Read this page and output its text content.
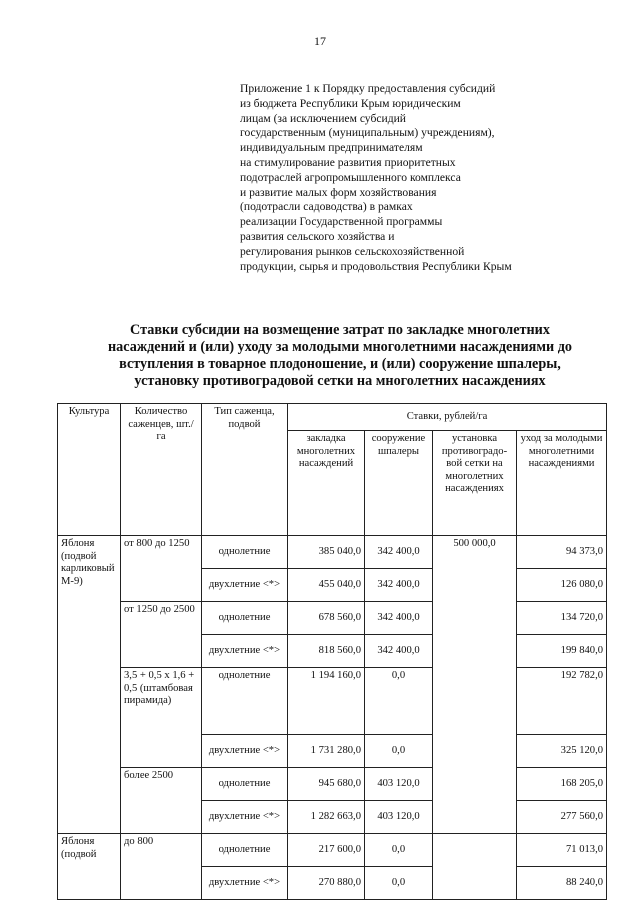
17
Приложение 1 к Порядку предоставления субсидий
из бюджета Республики Крым юридическим
лицам (за исключением субсидий
государственным (муниципальным) учреждениям),
индивидуальным предпринимателям
на стимулирование развития приоритетных
подотраслей агропромышленного комплекса
и развитие малых форм хозяйствования
(подотрасли садоводства) в рамках
реализации Государственной программы
развития сельского хозяйства и
регулирования рынков сельскохозяйственной
продукции, сырья и продовольствия Республики Крым
Ставки субсидии на возмещение затрат по закладке многолетних
насаждений и (или) уходу за молодыми многолетними насаждениями до
вступления в товарное плодоношение, и (или) сооружение шпалеры,
установку противоградовой сетки на многолетних насаждениях
Культура	Количество саженцев, шт./га	Тип саженца, подвой	Ставки, рублей/га			
			закладка многолетних насаждений	сооружение шпалеры	установка противоградо-вой сетки на многолетних насаждениях	уход за молодыми многолетними насаждениями
Яблоня (подвой карликовый М-9)	от 800 до 1250	однолетние	385 040,0	342 400,0	500 000,0	94 373,0
		двухлетние <*>	455 040,0	342 400,0		126 080,0
	от 1250 до 2500	однолетние	678 560,0	342 400,0		134 720,0
		двухлетние <*>	818 560,0	342 400,0		199 840,0
	3,5 + 0,5 х 1,6 + 0,5 (штамбовая пирамида)	однолетние	1 194 160,0	0,0		192 782,0
		двухлетние <*>	1 731 280,0	0,0		325 120,0
	более 2500	однолетние	945 680,0	403 120,0		168 205,0
		двухлетние <*>	1 282 663,0	403 120,0		277 560,0
Яблоня (подвой	до 800	однолетние	217 600,0	0,0		71 013,0
		двухлетние <*>	270 880,0	0,0		88 240,0
